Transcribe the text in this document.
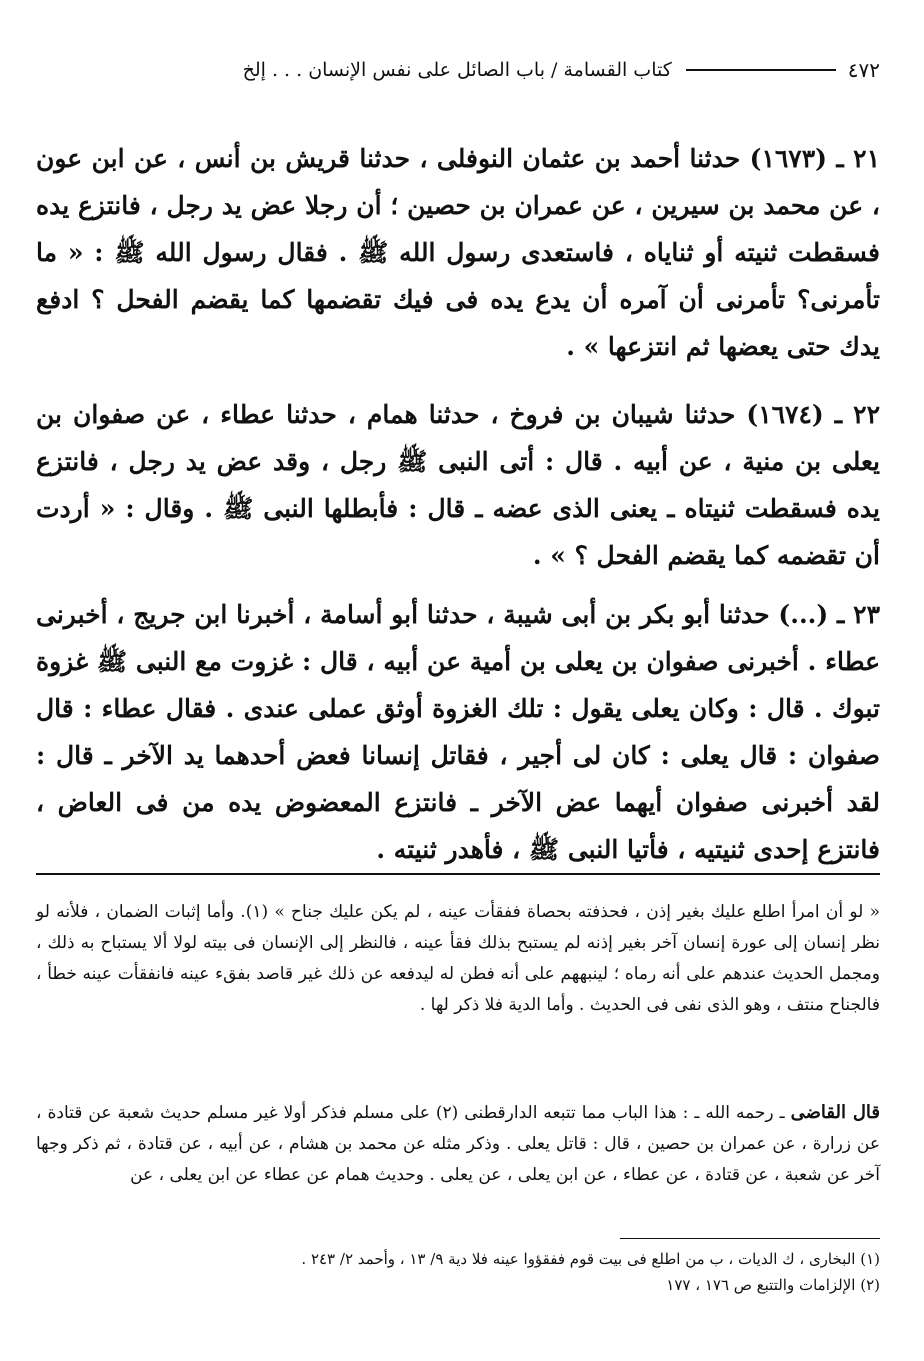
٤٧٢
كتاب القسامة / باب الصائل على نفس الإنسان . . . إلخ

٢١ ـ (١٦٧٣) حدثنا أحمد بن عثمان النوفلى ، حدثنا قريش بن أنس ، عن ابن عون ، عن محمد بن سيرين ، عن عمران بن حصين ؛ أن رجلا عض يد رجل ، فانتزع يده فسقطت ثنيته أو ثناياه ، فاستعدى رسول الله ﷺ . فقال رسول الله ﷺ : « ما تأمرنى؟ تأمرنى أن آمره أن يدع يده فى فيك تقضمها كما يقضم الفحل ؟ ادفع يدك حتى يعضها ثم انتزعها » .

٢٢ ـ (١٦٧٤) حدثنا شيبان بن فروخ ، حدثنا همام ، حدثنا عطاء ، عن صفوان بن يعلى بن منية ، عن أبيه . قال : أتى النبى ﷺ رجل ، وقد عض يد رجل ، فانتزع يده فسقطت ثنيتاه ـ يعنى الذى عضه ـ قال : فأبطلها النبى ﷺ . وقال : « أردت أن تقضمه كما يقضم الفحل ؟ » .

٢٣ ـ (...) حدثنا أبو بكر بن أبى شيبة ، حدثنا أبو أسامة ، أخبرنا ابن جريج ، أخبرنى عطاء . أخبرنى صفوان بن يعلى بن أمية عن أبيه ، قال : غزوت مع النبى ﷺ غزوة تبوك . قال : وكان يعلى يقول : تلك الغزوة أوثق عملى عندى . فقال عطاء : قال صفوان : قال يعلى : كان لى أجير ، فقاتل إنسانا فعض أحدهما يد الآخر ـ قال : لقد أخبرنى صفوان أيهما عض الآخر ـ فانتزع المعضوض يده من فى العاض ، فانتزع إحدى ثنيتيه ، فأتيا النبى ﷺ ، فأهدر ثنيته .

« لو أن امرأ اطلع عليك بغير إذن ، فحذفته بحصاة ففقأت عينه ، لم يكن عليك جناح » (١). وأما إثبات الضمان ، فلأنه لو نظر إنسان إلى عورة إنسان آخر بغير إذنه لم يستبح بذلك فقأ عينه ، فالنظر إلى الإنسان فى بيته لولا ألا يستباح به ذلك ، ومجمل الحديث عندهم على أنه رماه ؛ لينبههم على أنه فطن له ليدفعه عن ذلك غير قاصد بفقء عينه فانفقأت عينه خطأ ، فالجناح منتف ، وهو الذى نفى فى الحديث . وأما الدية فلا ذكر لها .

قال القاضى ـ رحمه الله ـ : هذا الباب مما تتبعه الدارقطنى (٢) على مسلم فذكر أولا غير مسلم حديث شعبة عن قتادة ، عن زرارة ، عن عمران بن حصين ، قال : قاتل يعلى . وذكر مثله عن محمد بن هشام ، عن أبيه ، عن قتادة ، ثم ذكر وجها آخر عن شعبة ، عن قتادة ، عن عطاء ، عن ابن يعلى ، عن يعلى . وحديث همام عن عطاء عن ابن يعلى ، عن

(١) البخارى ، ك الديات ، ب من اطلع فى بيت قوم ففقؤوا عينه فلا دية ٩/ ١٣ ، وأحمد ٢/ ٢٤٣ .

(٢) الإلزامات والتتبع ص ١٧٦ ، ١٧٧
